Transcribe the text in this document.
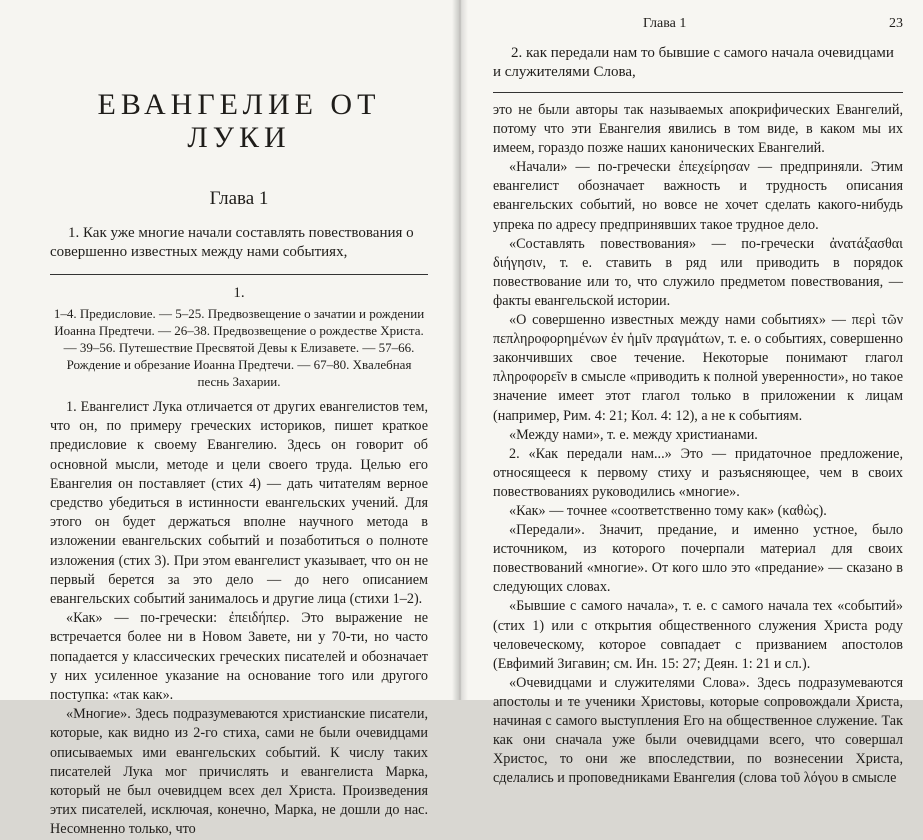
ЕВАНГЕЛИЕ ОТ ЛУКИ
Глава 1

1. Как уже многие начали составлять повествования о совершенно известных между нами событиях,

1.

1–4. Предисловие. — 5–25. Предвозвещение о зачатии и рождении Иоанна Предтечи. — 26–38. Предвозвещение о рождестве Христа. — 39–56. Путешествие Пресвятой Девы к Елизавете. — 57–66. Рождение и обрезание Иоанна Предтечи. — 67–80. Хвалебная песнь Захарии.

1. Евангелист Лука отличается от других евангелистов тем, что он, по примеру греческих историков, пишет краткое предисловие к своему Евангелию. Здесь он говорит об основной мысли, методе и цели своего труда. Целью его Евангелия он поставляет (стих 4) — дать читателям верное средство убедиться в истинности евангельских учений. Для этого он будет держаться вполне научного метода в изложении евангельских событий и позаботиться о полноте изложения (стих 3). При этом евангелист указывает, что он не первый берется за это дело — до него описанием евангельских событий занималось и другие лица (стихи 1–2).

«Как» — по-гречески: ἐπειδήπερ. Это выражение не встречается более ни в Новом Завете, ни у 70-ти, но часто попадается у классических греческих писателей и обозначает у них усиленное указание на основание того или другого поступка: «так как».

«Многие». Здесь подразумеваются христианские писатели, которые, как видно из 2-го стиха, сами не были очевидцами описываемых ими евангельских событий. К числу таких писателей Лука мог причислять и евангелиста Марка, который не был очевидцем всех дел Христа. Произведения этих писателей, исключая, конечно, Марка, не дошли до нас. Несомненно только, что

Глава 1	23

2. как передали нам то бывшие с самого начала очевидцами и служителями Слова,

это не были авторы так называемых апокрифических Евангелий, потому что эти Евангелия явились в том виде, в каком мы их имеем, гораздо позже наших канонических Евангелий.

«Начали» — по-гречески ἐπεχείρησαν — предприняли. Этим евангелист обозначает важность и трудность описания евангельских событий, но вовсе не хочет сделать какого-нибудь упрека по адресу предпринявших такое трудное дело.

«Составлять повествования» — по-гречески ἀνατάξασθαι διήγησιν, т. е. ставить в ряд или приводить в порядок повествование или то, что служило предметом повествования, — факты евангельской истории.

«О совершенно известных между нами событиях» — περὶ τῶν πεπληροφορημένων ἐν ἡμῖν πραγμάτων, т. е. о событиях, совершенно закончивших свое течение. Некоторые понимают глагол πληροφορεῖν в смысле «приводить к полной уверенности», но такое значение имеет этот глагол только в приложении к лицам (например, Рим. 4: 21; Кол. 4: 12), а не к событиям.

«Между нами», т. е. между христианами.

2. «Как передали нам...» Это — придаточное предложение, относящееся к первому стиху и разъясняющее, чем в своих повествованиях руководились «многие».

«Как» — точнее «соответственно тому как» (καθὼς).

«Передали». Значит, предание, и именно устное, было источником, из которого почерпали материал для своих повествований «многие». От кого шло это «предание» — сказано в следующих словах.

«Бывшие с самого начала», т. е. с самого начала тех «событий» (стих 1) или с открытия общественного служения Христа роду человеческому, которое совпадает с призванием апостолов (Евфимий Зигавин; см. Ин. 15: 27; Деян. 1: 21 и сл.).

«Очевидцами и служителями Слова». Здесь подразумеваются апостолы и те ученики Христовы, которые сопровождали Христа, начиная с самого выступления Его на общественное служение. Так как они сначала уже были очевидцами всего, что совершал Христос, то они же впоследствии, по вознесении Христа, сделались и проповедниками Евангелия (слова τοῦ λόγου в смысле
